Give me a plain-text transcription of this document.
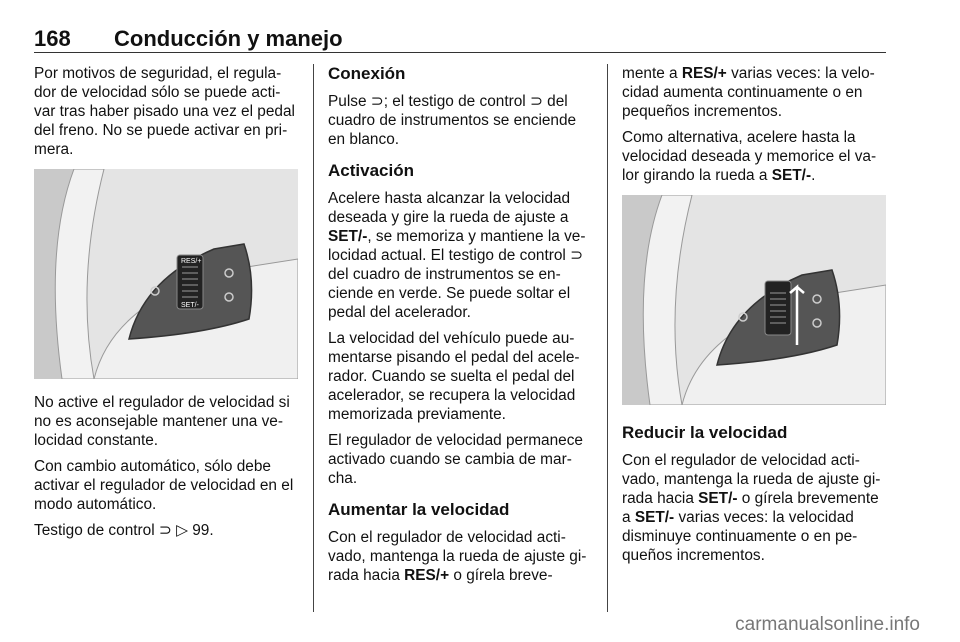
168 Conducción y manejo

Por motivos de seguridad, el regula- dor de velocidad sólo se puede acti- var tras haber pisado una vez el pedal del freno. No se puede activar en pri- mera.

RES/+
SET/-

No active el regulador de velocidad si no es aconsejable mantener una ve- locidad constante.

Con cambio automático, sólo debe activar el regulador de velocidad en el modo automático.

Testigo de control ⊃ ▷ 99.

Conexión

Pulse ⊃; el testigo de control ⊃ del cuadro de instrumentos se enciende en blanco.

Activación

Acelere hasta alcanzar la velocidad deseada y gire la rueda de ajuste a SET/-, se memoriza y mantiene la ve- locidad actual. El testigo de control ⊃ del cuadro de instrumentos se en- ciende en verde. Se puede soltar el pedal del acelerador.

La velocidad del vehículo puede au- mentarse pisando el pedal del acele- rador. Cuando se suelta el pedal del acelerador, se recupera la velocidad memorizada previamente.

El regulador de velocidad permanece activado cuando se cambia de mar- cha.

Aumentar la velocidad

Con el regulador de velocidad acti- vado, mantenga la rueda de ajuste gi- rada hacia RES/+ o gírela breve-

mente a RES/+ varias veces: la velo- cidad aumenta continuamente o en pequeños incrementos.

Como alternativa, acelere hasta la velocidad deseada y memorice el va- lor girando la rueda a SET/-.

Reducir la velocidad

Con el regulador de velocidad acti- vado, mantenga la rueda de ajuste gi- rada hacia SET/- o gírela brevemente a SET/- varias veces: la velocidad disminuye continuamente o en pe- queños incrementos.

carmanualsonline.info
